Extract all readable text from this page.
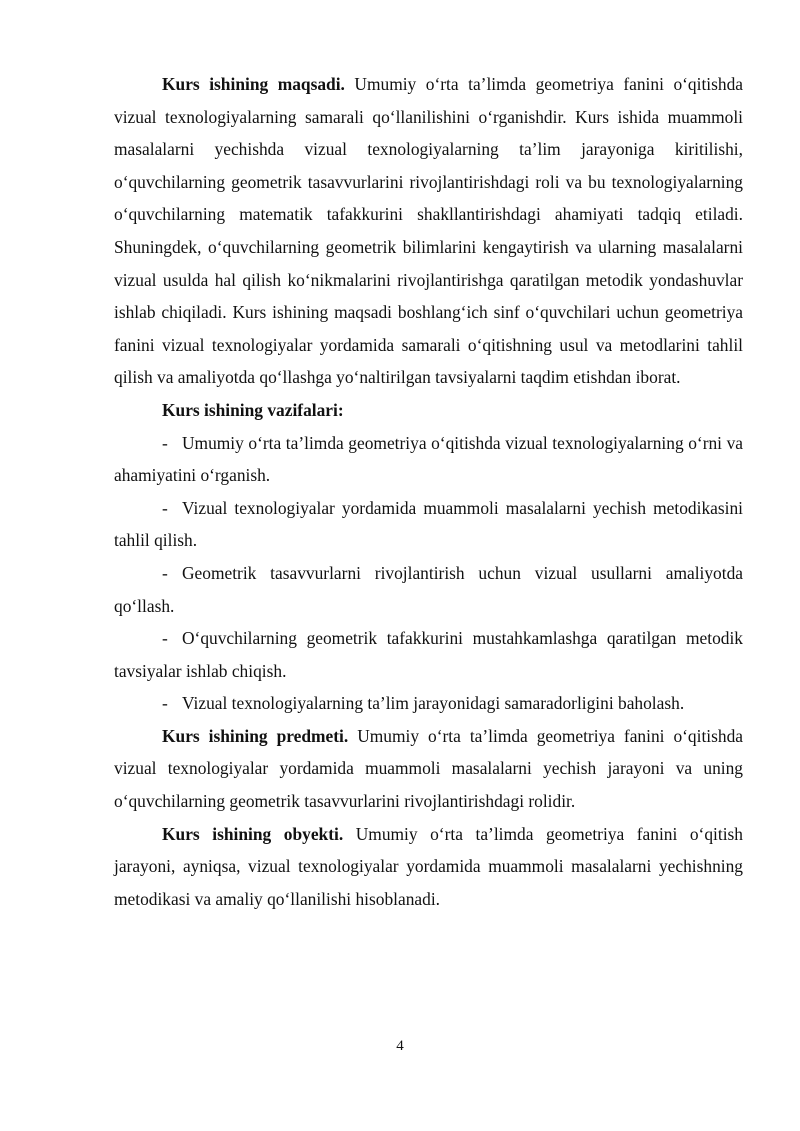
Kurs ishining maqsadi. Umumiy o‘rta ta’limda geometriya fanini o‘qitishda vizual texnologiyalarning samarali qo‘llanilishini o‘rganishdir. Kurs ishida muammoli masalalarni yechishda vizual texnologiyalarning ta’lim jarayoniga kiritilishi, o‘quvchilarning geometrik tasavvurlarini rivojlantirishdagi roli va bu texnologiyalarning o‘quvchilarning matematik tafakkurini shakllantirishdagi ahamiyati tadqiq etiladi. Shuningdek, o‘quvchilarning geometrik bilimlarini kengaytirish va ularning masalalarni vizual usulda hal qilish ko‘nikmalarini rivojlantirishga qaratilgan metodik yondashuvlar ishlab chiqiladi. Kurs ishining maqsadi boshlang‘ich sinf o‘quvchilari uchun geometriya fanini vizual texnologiyalar yordamida samarali o‘qitishning usul va metodlarini tahlil qilish va amaliyotda qo‘llashga yo‘naltirilgan tavsiyalarni taqdim etishdan iborat.

Kurs ishining vazifalari:

- Umumiy o‘rta ta’limda geometriya o‘qitishda vizual texnologiyalarning o‘rni va ahamiyatini o‘rganish.

- Vizual texnologiyalar yordamida muammoli masalalarni yechish metodikasini tahlil qilish.

- Geometrik tasavvurlarni rivojlantirish uchun vizual usullarni amaliyotda qo‘llash.

- O‘quvchilarning geometrik tafakkurini mustahkamlashga qaratilgan metodik tavsiyalar ishlab chiqish.

- Vizual texnologiyalarning ta’lim jarayonidagi samaradorligini baholash.

Kurs ishining predmeti. Umumiy o‘rta ta’limda geometriya fanini o‘qitishda vizual texnologiyalar yordamida muammoli masalalarni yechish jarayoni va uning o‘quvchilarning geometrik tasavvurlarini rivojlantirishdagi rolidir.

Kurs ishining obyekti. Umumiy o‘rta ta’limda geometriya fanini o‘qitish jarayoni, ayniqsa, vizual texnologiyalar yordamida muammoli masalalarni yechishning metodikasi va amaliy qo‘llanilishi hisoblanadi.

4
